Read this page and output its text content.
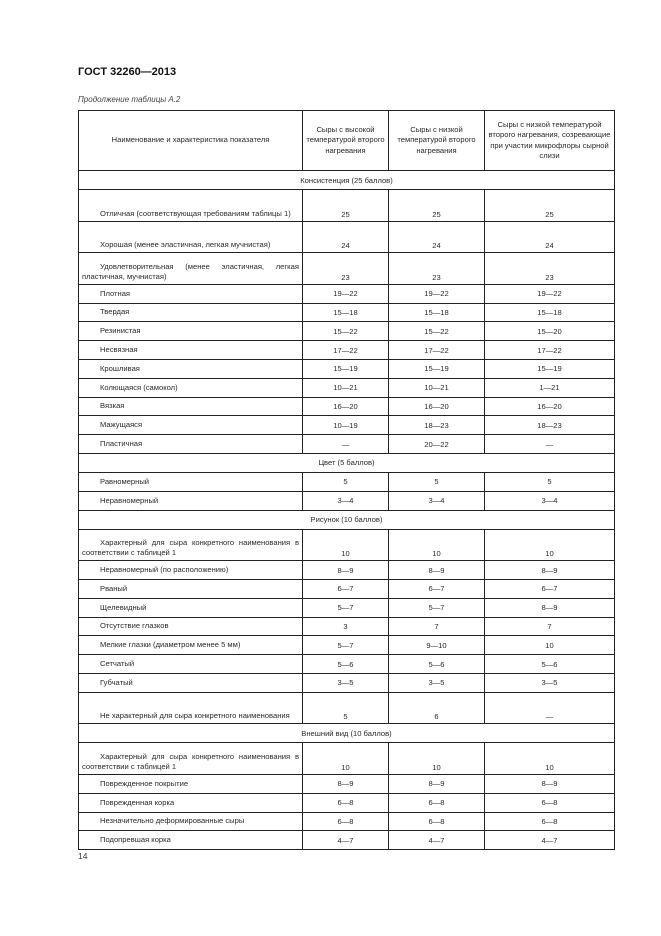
ГОСТ 32260—2013
Продолжение таблицы А.2
Наименование и характеристика показателя	Сыры с высокой температурой второго нагревания	Сыры с низкой температурой второго нагревания	Сыры с низкой температурой второго нагревания, созревающие при участии микрофлоры сырной слизи
Консистенция (25 баллов)			
Отличная (соответствующая требованиям таблицы 1)	25	25	25
Хорошая (менее эластичная, легкая мучнистая)	24	24	24
Удовлетворительная (менее эластичная, легкая пластичная, мучнистая)	23	23	23
Плотная	19—22	19—22	19—22
Твердая	15—18	15—18	15—18
Резинистая	15—22	15—22	15—20
Несвязная	17—22	17—22	17—22
Крошливая	15—19	15—19	15—19
Колющаяся (самокол)	10—21	10—21	1—21
Вязкая	16—20	16—20	16—20
Мажущаяся	10—19	18—23	18—23
Пластичная	—	20—22	—
Цвет (5 баллов)			
Равномерный	5	5	5
Неравномерный	3—4	3—4	3—4
Рисунок (10 баллов)			
Характерный для сыра конкретного наименования в соответствии с таблицей 1	10	10	10
Неравномерный (по расположению)	8—9	8—9	8—9
Рваный	6—7	6—7	6—7
Щелевидный	5—7	5—7	8—9
Отсутствие глазков	3	7	7
Мелкие глазки (диаметром менее 5 мм)	5—7	9—10	10
Сетчатый	5—6	5—6	5—6
Губчатый	3—5	3—5	3—5
Не характерный для сыра конкретного наименования	5	6	—
Внешний вид (10 баллов)			
Характерный для сыра конкретного наименования в соответствии с таблицей 1	10	10	10
Поврежденное покрытие	8—9	8—9	8—9
Поврежденная корка	6—8	6—8	6—8
Незначительно деформированные сыры	6—8	6—8	6—8
Подопревшая корка	4—7	4—7	4—7
14
